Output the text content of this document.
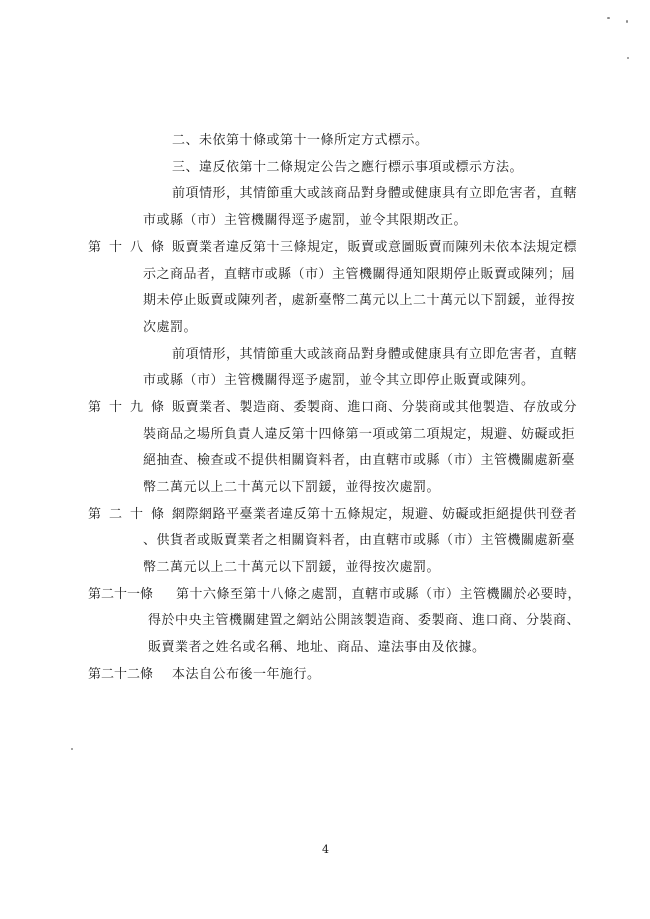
二、未依第十條或第十一條所定方式標示。
三、違反依第十二條規定公告之應行標示事項或標示方法。
前項情形，其情節重大或該商品對身體或健康具有立即危害者，直轄
市或縣（市）主管機關得逕予處罰，並令其限期改正。
第十八條 販賣業者違反第十三條規定，販賣或意圖販賣而陳列未依本法規定標
示之商品者，直轄市或縣（市）主管機關得通知限期停止販賣或陳列；屆
期未停止販賣或陳列者，處新臺幣二萬元以上二十萬元以下罰鍰，並得按
次處罰。
前項情形，其情節重大或該商品對身體或健康具有立即危害者，直轄
市或縣（市）主管機關得逕予處罰，並令其立即停止販賣或陳列。
第十九條 販賣業者、製造商、委製商、進口商、分裝商或其他製造、存放或分
裝商品之場所負責人違反第十四條第一項或第二項規定，規避、妨礙或拒
絕抽查、檢查或不提供相關資料者，由直轄市或縣（市）主管機關處新臺
幣二萬元以上二十萬元以下罰鍰，並得按次處罰。
第二十條 網際網路平臺業者違反第十五條規定，規避、妨礙或拒絕提供刊登者
、供貨者或販賣業者之相關資料者，由直轄市或縣（市）主管機關處新臺
幣二萬元以上二十萬元以下罰鍰，並得按次處罰。
第二十一條 第十六條至第十八條之處罰，直轄市或縣（市）主管機關於必要時，
得於中央主管機關建置之網站公開該製造商、委製商、進口商、分裝商、
販賣業者之姓名或名稱、地址、商品、違法事由及依據。
第二十二條 本法自公布後一年施行。
4
